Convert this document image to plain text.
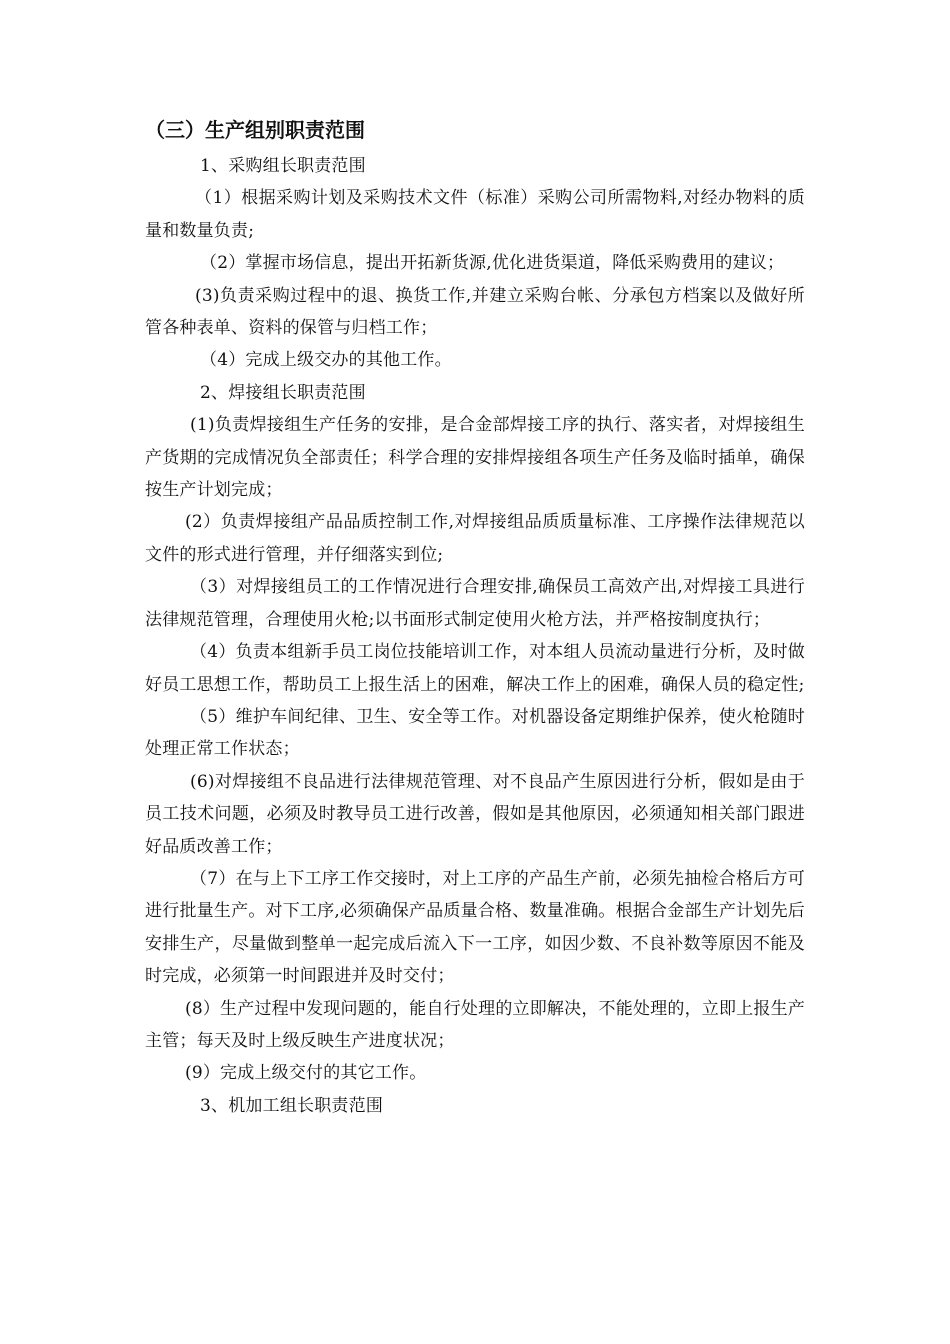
（三）生产组别职责范围

1、采购组长职责范围

（1）根据采购计划及采购技术文件（标准）采购公司所需物料,对经办物料的质量和数量负责;

（2）掌握市场信息，提出开拓新货源,优化进货渠道，降低采购费用的建议；

(3)负责采购过程中的退、换货工作,并建立采购台帐、分承包方档案以及做好所管各种表单、资料的保管与归档工作；

（4）完成上级交办的其他工作。

2、焊接组长职责范围

(1)负责焊接组生产任务的安排，是合金部焊接工序的执行、落实者，对焊接组生产货期的完成情况负全部责任；科学合理的安排焊接组各项生产任务及临时插单，确保按生产计划完成；

(2）负责焊接组产品品质控制工作,对焊接组品质质量标准、工序操作法律规范以文件的形式进行管理，并仔细落实到位;

（3）对焊接组员工的工作情况进行合理安排,确保员工高效产出,对焊接工具进行法律规范管理，合理使用火枪;以书面形式制定使用火枪方法，并严格按制度执行；

（4）负责本组新手员工岗位技能培训工作，对本组人员流动量进行分析，及时做好员工思想工作，帮助员工上报生活上的困难，解决工作上的困难，确保人员的稳定性;

（5）维护车间纪律、卫生、安全等工作。对机器设备定期维护保养，使火枪随时处理正常工作状态；

(6)对焊接组不良品进行法律规范管理、对不良品产生原因进行分析，假如是由于员工技术问题，必须及时教导员工进行改善，假如是其他原因，必须通知相关部门跟进好品质改善工作；

（7）在与上下工序工作交接时，对上工序的产品生产前，必须先抽检合格后方可进行批量生产。对下工序,必须确保产品质量合格、数量准确。根据合金部生产计划先后安排生产，尽量做到整单一起完成后流入下一工序，如因少数、不良补数等原因不能及时完成，必须第一时间跟进并及时交付；

(8）生产过程中发现问题的，能自行处理的立即解决，不能处理的，立即上报生产主管；每天及时上级反映生产进度状况；

(9）完成上级交付的其它工作。

3、机加工组长职责范围
